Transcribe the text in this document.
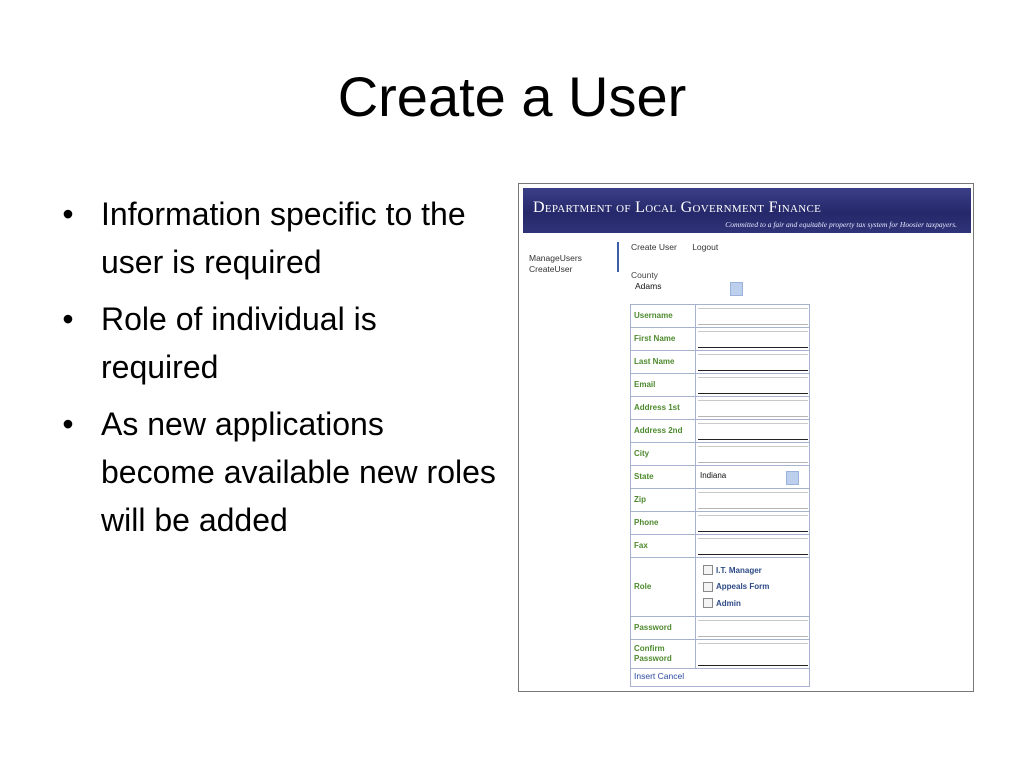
Create a User
• Information specific to the user is required
• Role of individual is required
• As new applications become available new roles will be added
Department of Local Government Finance
Committed to a fair and equitable property tax system for Hoosier taxpayers.
ManageUsers
CreateUser
Create User Logout
County
Adams
Username
First Name
Last Name
Email
Address 1st
Address 2nd
City
State	Indiana
Zip
Phone
Fax
Role
I.T. Manager
Appeals Form
Admin
Password
Confirm Password
Insert Cancel
